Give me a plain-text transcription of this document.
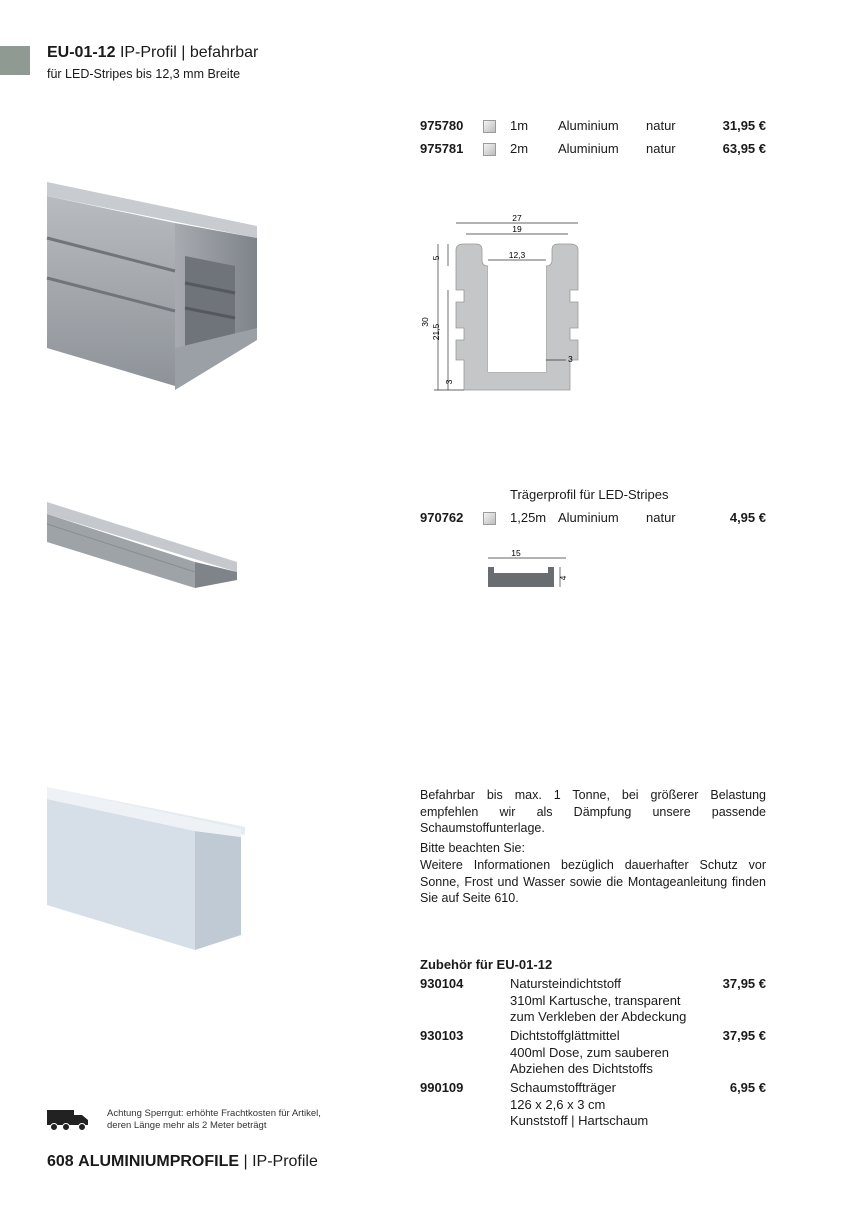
EU-01-12 IP-Profil | befahrbar
für LED-Stripes bis 12,3 mm Breite
975780	1m Aluminium natur	31,95 €
975781	2m Aluminium natur	63,95 €
27
19
12,3
30
21,5
5
3
3
Trägerprofil für LED-Stripes
970762	1,25m Aluminium natur	4,95 €
15
4
Befahrbar bis max. 1 Tonne, bei größerer Belastung empfehlen wir als Dämpfung unsere passende Schaumstoffunterlage.
Bitte beachten Sie:
Weitere Informationen bezüglich dauerhafter Schutz vor Sonne, Frost und Wasser sowie die Montageanleitung finden Sie auf Seite 610.
Zubehör für EU-01-12
930104	Natursteindichtstoff
310ml Kartusche, transparent
zum Verkleben der Abdeckung
37,95 €
930103	Dichtstoffglättmittel
400ml Dose, zum sauberen
Abziehen des Dichtstoffs
37,95 €
990109	Schaumstoffträger
126 x 2,6 x 3 cm
Kunststoff | Hartschaum
6,95 €
Achtung Sperrgut: erhöhte Frachtkosten für Artikel,
deren Länge mehr als 2 Meter beträgt
608 ALUMINIUMPROFILE | IP-Profile
